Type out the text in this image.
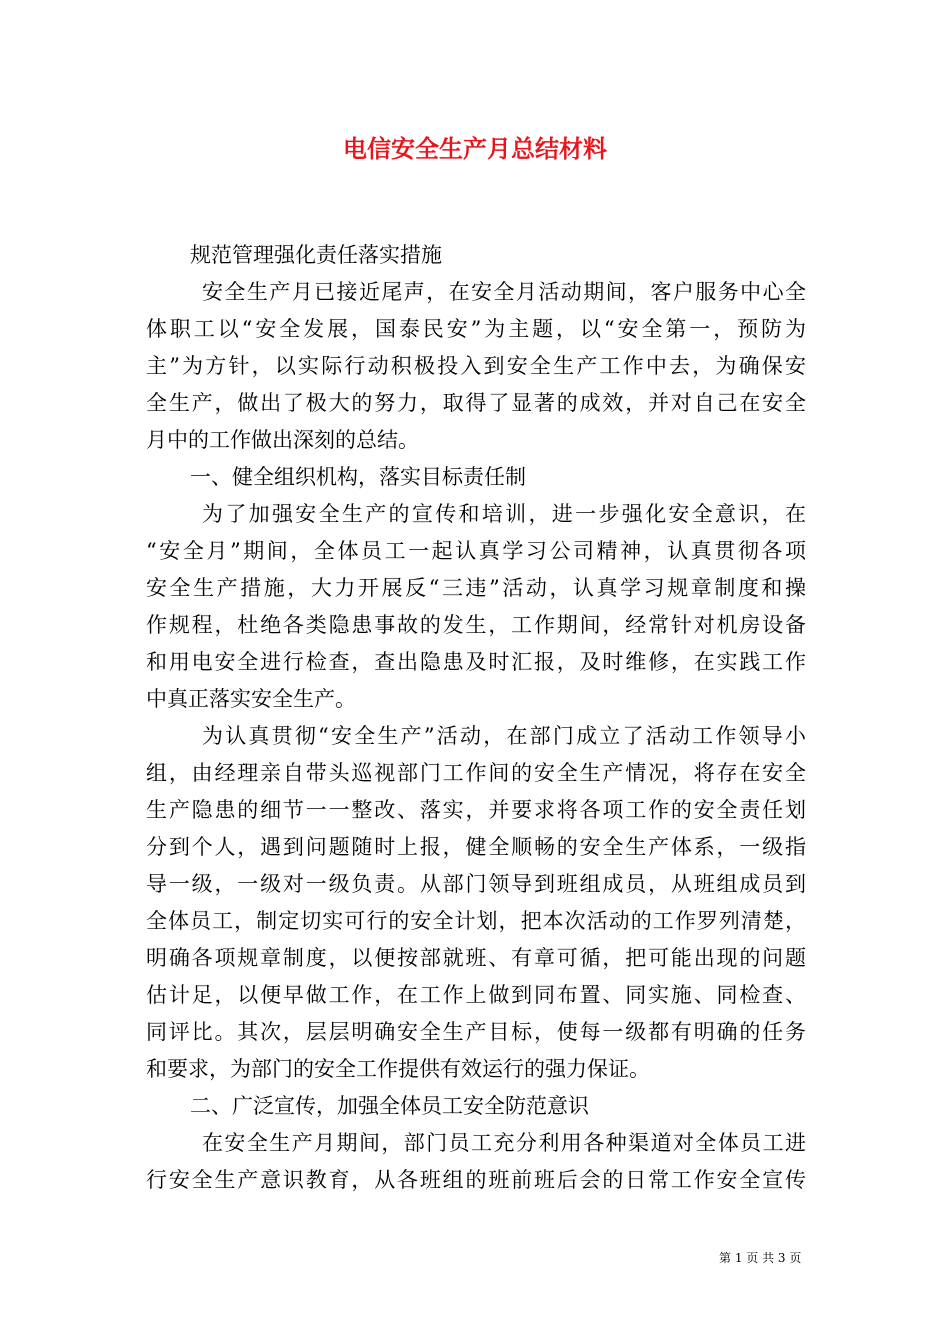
电信安全生产月总结材料
规范管理强化责任落实措施
安全生产月已接近尾声，在安全月活动期间，客户服务中心全
体职工以“安全发展，国泰民安”为主题，以“安全第一，预防为
主”为方针，以实际行动积极投入到安全生产工作中去，为确保安
全生产，做出了极大的努力，取得了显著的成效，并对自己在安全
月中的工作做出深刻的总结。
一、健全组织机构，落实目标责任制
为了加强安全生产的宣传和培训，进一步强化安全意识，在
“安全月”期间，全体员工一起认真学习公司精神，认真贯彻各项
安全生产措施，大力开展反“三违”活动，认真学习规章制度和操
作规程，杜绝各类隐患事故的发生，工作期间，经常针对机房设备
和用电安全进行检查，查出隐患及时汇报，及时维修，在实践工作
中真正落实安全生产。
为认真贯彻“安全生产”活动，在部门成立了活动工作领导小
组，由经理亲自带头巡视部门工作间的安全生产情况，将存在安全
生产隐患的细节一一整改、落实，并要求将各项工作的安全责任划
分到个人，遇到问题随时上报，健全顺畅的安全生产体系，一级指
导一级，一级对一级负责。从部门领导到班组成员，从班组成员到
全体员工，制定切实可行的安全计划，把本次活动的工作罗列清楚，
明确各项规章制度，以便按部就班、有章可循，把可能出现的问题
估计足，以便早做工作，在工作上做到同布置、同实施、同检查、
同评比。其次，层层明确安全生产目标，使每一级都有明确的任务
和要求，为部门的安全工作提供有效运行的强力保证。
二、广泛宣传，加强全体员工安全防范意识
在安全生产月期间，部门员工充分利用各种渠道对全体员工进
行安全生产意识教育，从各班组的班前班后会的日常工作安全宣传
第 1 页 共 3 页
